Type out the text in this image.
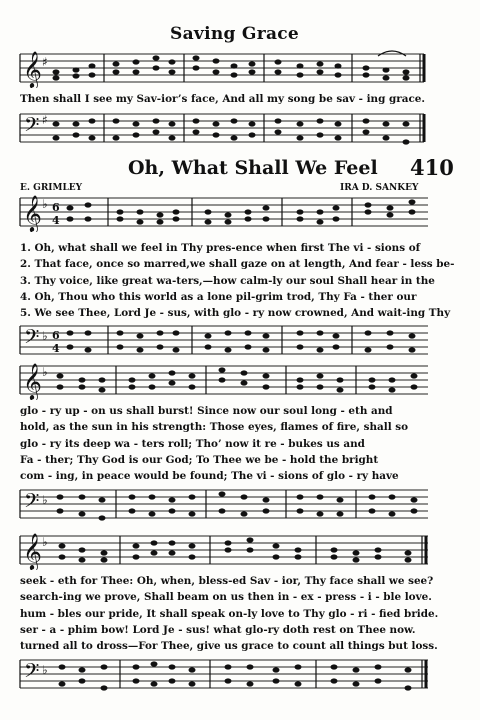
Saving Grace
𝄞 ♯
Then shall I see my Sav-ior’s face, And all my song be sav - ing grace.
𝄢 ♯
Oh, What Shall We Feel 410
E. GRIMLEY	IRA D. SANKEY
𝄞 ♭ 6
4
1. Oh, what shall we feel in Thy pres-ence when first The vi - sions of
2. That face, once so marred,we shall gaze on at length, And fear - less be-
3. Thy voice, like great wa-ters,—how calm-ly our soul Shall hear in the
4. Oh, Thou who this world as a lone pil-grim trod, Thy Fa - ther our
5. We see Thee, Lord Je - sus, with glo - ry now crowned, And wait-ing Thy
𝄢 ♭ 6
4
𝄞 ♭
glo - ry up - on us shall burst! Since now our soul long - eth and
hold, as the sun in his strength: Those eyes, flames of fire, shall so
glo - ry its deep wa - ters roll; Tho’ now it re - bukes us and
Fa - ther; Thy God is our God; To Thee we be - hold the bright
com - ing, in peace would be found; The vi - sions of glo - ry have
𝄢 ♭
𝄞 ♭
seek - eth for Thee: Oh, when, bless-ed Sav - ior, Thy face shall we see?
search-ing we prove, Shall beam on us then in - ex - press - i - ble love.
hum - bles our pride, It shall speak on-ly love to Thy glo - ri - fied bride.
ser - a - phim bow! Lord Je - sus! what glo-ry doth rest on Thee now.
turned all to dross—For Thee, give us grace to count all things but loss.
𝄢 ♭
